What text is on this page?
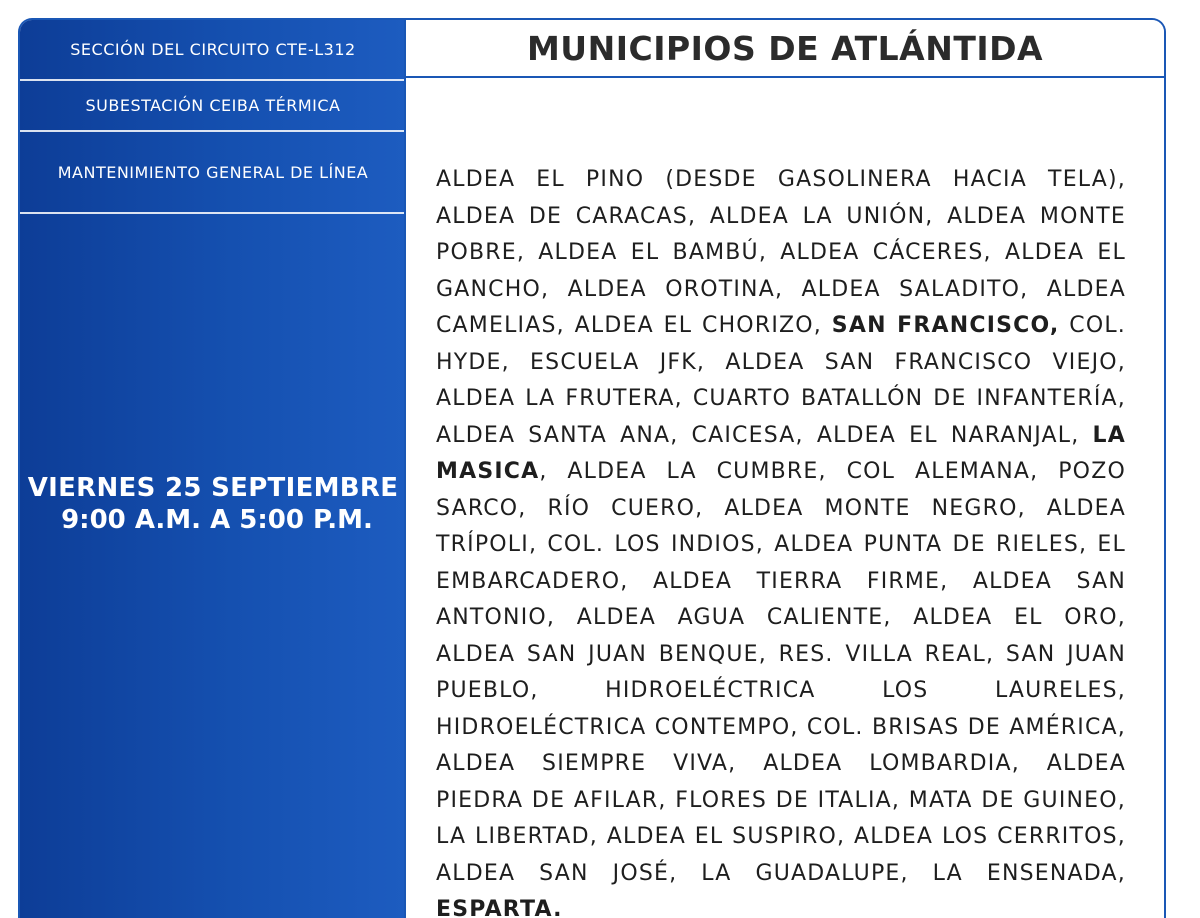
SECCIÓN DEL CIRCUITO CTE-L312
SUBESTACIÓN CEIBA TÉRMICA
MANTENIMIENTO GENERAL DE LÍNEA
VIERNES 25 SEPTIEMBRE
9:00 A.M. A 5:00 P.M.
MUNICIPIOS DE ATLÁNTIDA

ALDEA EL PINO (DESDE GASOLINERA HACIA TELA), ALDEA DE CARACAS, ALDEA LA UNIÓN, ALDEA MONTE POBRE, ALDEA EL BAMBÚ, ALDEA CÁCERES, ALDEA EL GANCHO, ALDEA OROTINA, ALDEA SALADITO, ALDEA CAMELIAS, ALDEA EL CHORIZO, SAN FRANCISCO, COL. HYDE, ESCUELA JFK, ALDEA SAN FRANCISCO VIEJO, ALDEA LA FRUTERA, CUARTO BATALLÓN DE INFANTERÍA, ALDEA SANTA ANA, CAICESA, ALDEA EL NARANJAL, LA MASICA, ALDEA LA CUMBRE, COL ALEMANA, POZO SARCO, RÍO CUERO, ALDEA MONTE NEGRO, ALDEA TRÍPOLI, COL. LOS INDIOS, ALDEA PUNTA DE RIELES, EL EMBARCADERO, ALDEA TIERRA FIRME, ALDEA SAN ANTONIO, ALDEA AGUA CALIENTE, ALDEA EL ORO, ALDEA SAN JUAN BENQUE, RES. VILLA REAL, SAN JUAN PUEBLO, HIDROELÉCTRICA LOS LAURELES, HIDROELÉCTRICA CONTEMPO, COL. BRISAS DE AMÉRICA, ALDEA SIEMPRE VIVA, ALDEA LOMBARDIA, ALDEA PIEDRA DE AFILAR, FLORES DE ITALIA, MATA DE GUINEO, LA LIBERTAD, ALDEA EL SUSPIRO, ALDEA LOS CERRITOS, ALDEA SAN JOSÉ, LA GUADALUPE, LA ENSENADA, ESPARTA.
